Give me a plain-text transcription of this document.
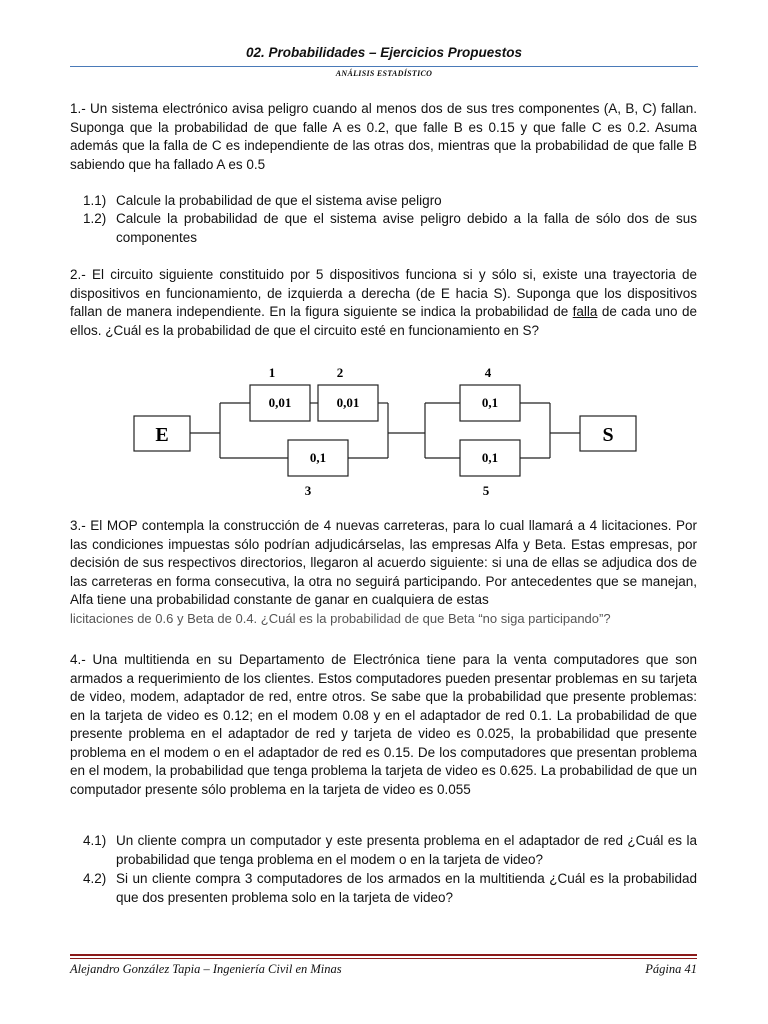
02. Probabilidades – Ejercicios Propuestos
ANÁLISIS ESTADÍSTICO

1.- Un sistema electrónico avisa peligro cuando al menos dos de sus tres componentes (A, B, C) fallan. Suponga que la probabilidad de que falle A es 0.2, que falle B es 0.15 y que falle C es 0.2. Asuma además que la falla de C es independiente de las otras dos, mientras que la probabilidad de que falle B sabiendo que ha fallado A es 0.5

1.1) Calcule la probabilidad de que el sistema avise peligro
1.2) Calcule la probabilidad de que el sistema avise peligro debido a la falla de sólo dos de sus componentes

2.- El circuito siguiente constituido por 5 dispositivos funciona si y sólo si, existe una trayectoria de dispositivos en funcionamiento, de izquierda a derecha (de E hacia S). Suponga que los dispositivos fallan de manera independiente. En la figura siguiente se indica la probabilidad de falla de cada uno de ellos. ¿Cuál es la probabilidad de que el circuito esté en funcionamiento en S?

E	S
0,01	0,01
0,1
0,1
0,1
1	2
3
4
5

3.- El MOP contempla la construcción de 4 nuevas carreteras, para lo cual llamará a 4 licitaciones. Por las condiciones impuestas sólo podrían adjudicárselas, las empresas Alfa y Beta. Estas empresas, por decisión de sus respectivos directorios, llegaron al acuerdo siguiente: si una de ellas se adjudica dos de las carreteras en forma consecutiva, la otra no seguirá participando. Por antecedentes que se manejan, Alfa tiene una probabilidad constante de ganar en cualquiera de estas

licitaciones de 0.6 y Beta de 0.4. ¿Cuál es la probabilidad de que Beta “no siga participando”?

4.- Una multitienda en su Departamento de Electrónica tiene para la venta computadores que son armados a requerimiento de los clientes. Estos computadores pueden presentar problemas en su tarjeta de video, modem, adaptador de red, entre otros. Se sabe que la probabilidad que presente problemas: en la tarjeta de video es 0.12; en el modem 0.08 y en el adaptador de red 0.1. La probabilidad de que presente problema en el adaptador de red y tarjeta de video es 0.025, la probabilidad que presente problema en el modem o en el adaptador de red es 0.15. De los computadores que presentan problema en el modem, la probabilidad que tenga problema la tarjeta de video es 0.625. La probabilidad de que un computador presente sólo problema en la tarjeta de video es 0.055

4.1) Un cliente compra un computador y este presenta problema en el adaptador de red ¿Cuál es la probabilidad que tenga problema en el modem o en la tarjeta de video?
4.2) Si un cliente compra 3 computadores de los armados en la multitienda ¿Cuál es la probabilidad que dos presenten problema solo en la tarjeta de video?
Alejandro González Tapia – Ingeniería Civil en Minas	Página 41
